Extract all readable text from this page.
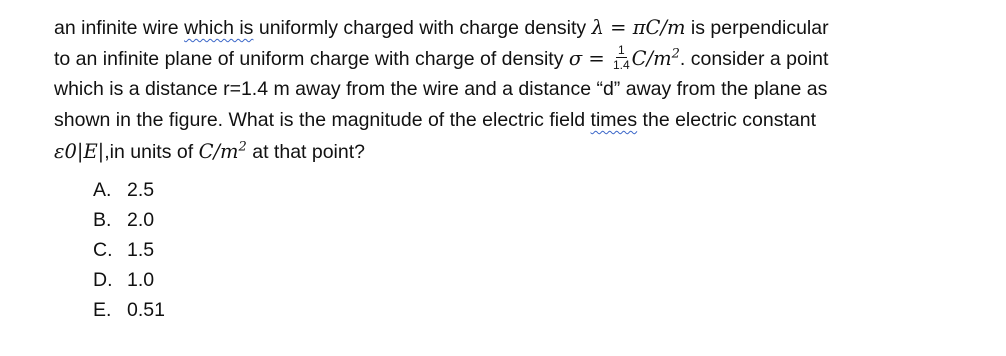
an infinite wire which is uniformly charged with charge density λ = πC/m is perpendicular
to an infinite plane of uniform charge with charge of density $\sigma = \frac{1}{1.4} C/m^2$. consider a point
which is a distance r=1.4 m away from the wire and a distance “d” away from the plane as
shown in the figure. What is the magnitude of the electric field times the electric constant
ε0|E|,in units of $C/m^2$ at that point?
A. 2.5
B. 2.0
C. 1.5
D. 1.0
E. 0.51
